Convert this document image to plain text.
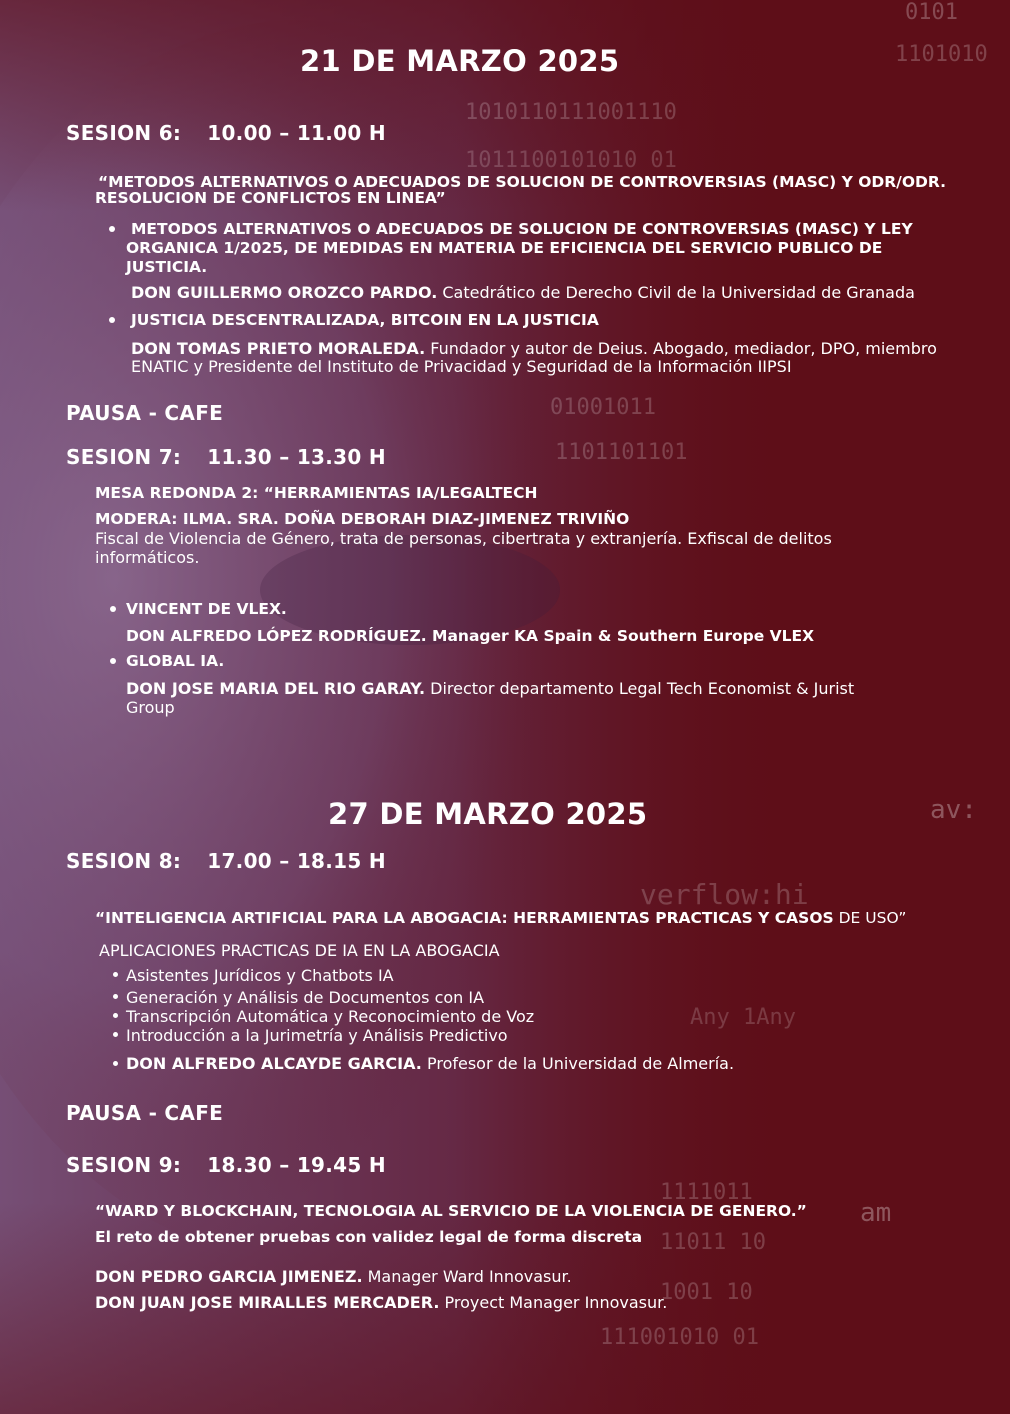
0101
1101010
1010110111001110
1011100101010 01
01001011
1101101101
av:
verflow:hi
Any 1Any
1111011
11011 10
1001 10
111001010 01
am
21 DE MARZO 2025
SESION 6: 10.00 – 11.00 H
“METODOS ALTERNATIVOS O ADECUADOS DE SOLUCION DE CONTROVERSIAS (MASC) Y ODR/ODR.
RESOLUCION DE CONFLICTOS EN LINEA”
METODOS ALTERNATIVOS O ADECUADOS DE SOLUCION DE CONTROVERSIAS (MASC) Y LEY
ORGANICA 1/2025, DE MEDIDAS EN MATERIA DE EFICIENCIA DEL SERVICIO PUBLICO DE
JUSTICIA.
DON GUILLERMO OROZCO PARDO. Catedrático de Derecho Civil de la Universidad de Granada
JUSTICIA DESCENTRALIZADA, BITCOIN EN LA JUSTICIA
DON TOMAS PRIETO MORALEDA. Fundador y autor de Deius. Abogado, mediador, DPO, miembro
ENATIC y Presidente del Instituto de Privacidad y Seguridad de la Información IIPSI
PAUSA - CAFE
SESION 7: 11.30 – 13.30 H
MESA REDONDA 2: “HERRAMIENTAS IA/LEGALTECH
MODERA: ILMA. SRA. DOÑA DEBORAH DIAZ-JIMENEZ TRIVIÑO
Fiscal de Violencia de Género, trata de personas, cibertrata y extranjería. Exfiscal de delitos
informáticos.
VINCENT DE VLEX.
DON ALFREDO LÓPEZ RODRÍGUEZ. Manager KA Spain & Southern Europe VLEX
GLOBAL IA.
DON JOSE MARIA DEL RIO GARAY. Director departamento Legal Tech Economist & Jurist
Group
27 DE MARZO 2025
SESION 8: 17.00 – 18.15 H
“INTELIGENCIA ARTIFICIAL PARA LA ABOGACIA: HERRAMIENTAS PRACTICAS Y CASOS DE USO”
APLICACIONES PRACTICAS DE IA EN LA ABOGACIA
Asistentes Jurídicos y Chatbots IA
Generación y Análisis de Documentos con IA
Transcripción Automática y Reconocimiento de Voz
Introducción a la Jurimetría y Análisis Predictivo
DON ALFREDO ALCAYDE GARCIA. Profesor de la Universidad de Almería.
PAUSA - CAFE
SESION 9: 18.30 – 19.45 H
“WARD Y BLOCKCHAIN, TECNOLOGIA AL SERVICIO DE LA VIOLENCIA DE GENERO.”
El reto de obtener pruebas con validez legal de forma discreta
DON PEDRO GARCIA JIMENEZ. Manager Ward Innovasur.
DON JUAN JOSE MIRALLES MERCADER. Proyect Manager Innovasur.
